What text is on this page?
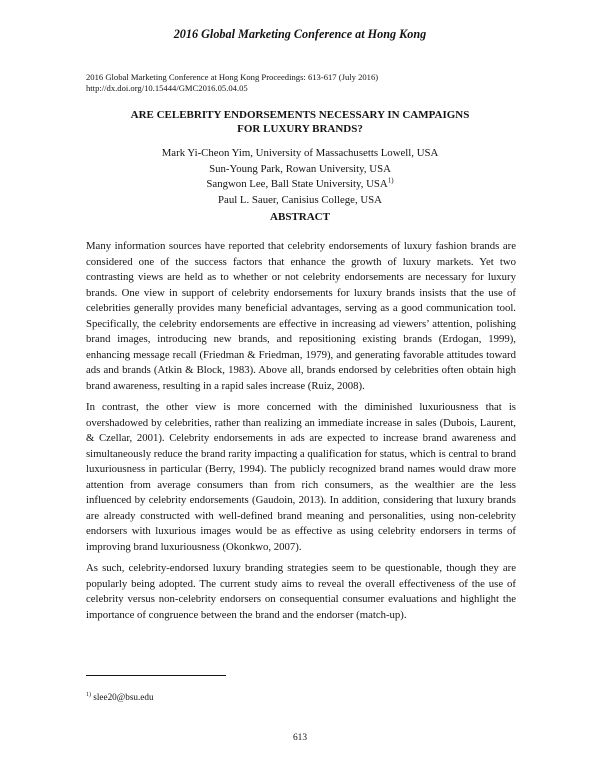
2016 Global Marketing Conference at Hong Kong
2016 Global Marketing Conference at Hong Kong Proceedings: 613-617 (July 2016)
http://dx.doi.org/10.15444/GMC2016.05.04.05
ARE CELEBRITY ENDORSEMENTS NECESSARY IN CAMPAIGNS
FOR LUXURY BRANDS?
Mark Yi-Cheon Yim, University of Massachusetts Lowell, USA
Sun-Young Park, Rowan University, USA
Sangwon Lee, Ball State University, USA$^{1)}$
Paul L. Sauer, Canisius College, USA
ABSTRACT

Many information sources have reported that celebrity endorsements of luxury fashion brands are considered one of the success factors that enhance the growth of luxury markets. Yet two contrasting views are held as to whether or not celebrity endorsements are necessary for luxury brands. One view in support of celebrity endorsements for luxury brands insists that the use of celebrities generally provides many beneficial advantages, serving as a good communication tool. Specifically, the celebrity endorsements are effective in increasing ad viewers’ attention, polishing brand images, introducing new brands, and repositioning existing brands (Erdogan, 1999), enhancing message recall (Friedman & Friedman, 1979), and generating favorable attitudes toward ads and brands (Atkin & Block, 1983). Above all, brands endorsed by celebrities often obtain high brand awareness, resulting in a rapid sales increase (Ruiz, 2008).

In contrast, the other view is more concerned with the diminished luxuriousness that is overshadowed by celebrities, rather than realizing an immediate increase in sales (Dubois, Laurent, & Czellar, 2001). Celebrity endorsements in ads are expected to increase brand awareness and simultaneously reduce the brand rarity impacting a qualification for status, which is central to brand luxuriousness in particular (Berry, 1994). The publicly recognized brand names would draw more attention from average consumers than from rich consumers, as the wealthier are the less influenced by celebrity endorsements (Gaudoin, 2013). In addition, considering that luxury brands are already constructed with well-defined brand meaning and personalities, using non-celebrity endorsers with luxurious images would be as effective as using celebrity endorsers in terms of improving brand luxuriousness (Okonkwo, 2007).

As such, celebrity-endorsed luxury branding strategies seem to be questionable, though they are popularly being adopted. The current study aims to reveal the overall effectiveness of the use of celebrity versus non-celebrity endorsers on consequential consumer evaluations and highlight the importance of congruence between the brand and the endorser (match-up).

$^{1)}$ slee20@bsu.edu
613
